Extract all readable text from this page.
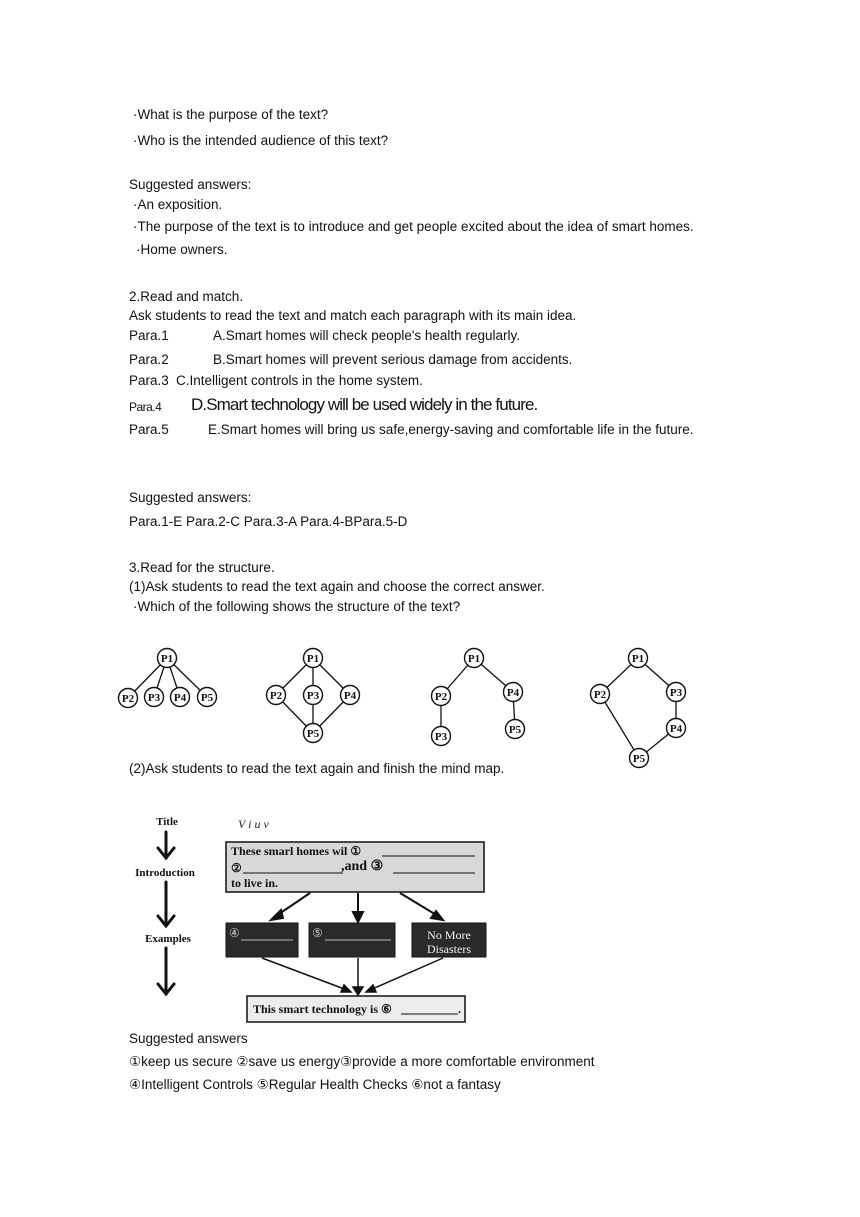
·What is the purpose of the text?
·Who is the intended audience of this text?
Suggested answers:
·An exposition.
·The purpose of the text is to introduce and get people excited about the idea of smart homes.
·Home owners.
2.Read and match.
Ask students to read the text and match each paragraph with its main idea.
Para.1	A.Smart homes will check people's health regularly.
Para.2	B.Smart homes will prevent serious damage from accidents.
Para.3 C.Intelligent controls in the home system.
Para.4 D.Smart technology will be used widely in the future.
Para.5	E.Smart homes will bring us safe,energy-saving and comfortable life in the future.
Suggested answers:
Para.1-E Para.2-C Para.3-A Para.4-BPara.5-D
3.Read for the structure.
(1)Ask students to read the text again and choose the correct answer.
·Which of the following shows the structure of the text?
P1
P2 P3 P4 P5
P1
P2 P3 P4
P5
P1
P2
P3
P4
P5
P1
P2	P3
P4
P5
(2)Ask students to read the text again and finish the mind map.
Title
Introduction
Examples
V i u v
These smarl homes wil ①
②	,and ③
to live in.
④	⑤	No More
Disasters
This smart technology is ⑥	.
Suggested answers
①keep us secure ②save us energy③provide a more comfortable environment
④Intelligent Controls ⑤Regular Health Checks ⑥not a fantasy
